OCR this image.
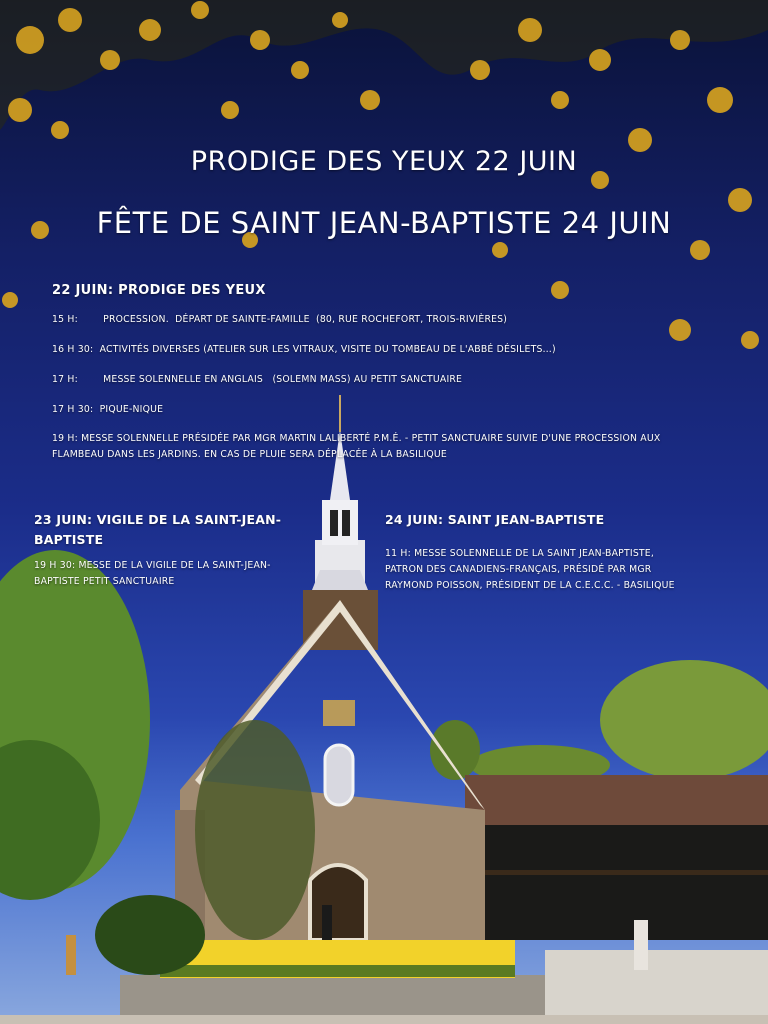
PRODIGE DES YEUX 22 JUIN
FÊTE DE SAINT JEAN-BAPTISTE 24 JUIN
22 JUIN: PRODIGE DES YEUX
15 H:        PROCESSION.  DÉPART DE SAINTE-FAMILLE  (80, RUE ROCHEFORT, TROIS-RIVIÈRES)
16 H 30:  ACTIVITÉS DIVERSES (ATELIER SUR LES VITRAUX, VISITE DU TOMBEAU DE L'ABBÉ DÉSILETS…)
17 H:        MESSE SOLENNELLE EN ANGLAIS   (SOLEMN MASS) AU PETIT SANCTUAIRE
17 H 30:  PIQUE-NIQUE
19 H: MESSE SOLENNELLE PRÉSIDÉE PAR MGR MARTIN LALIBERTÉ P.M.É. - PETIT SANCTUAIRE SUIVIE D'UNE PROCESSION AUX FLAMBEAU DANS LES JARDINS. EN CAS DE PLUIE SERA DÉPLACÉE À LA BASILIQUE
23 JUIN: VIGILE DE LA SAINT-JEAN-BAPTISTE
19 H 30: MESSE DE LA VIGILE DE LA SAINT-JEAN-BAPTISTE PETIT SANCTUAIRE
24 JUIN: SAINT JEAN-BAPTISTE
11 H: MESSE SOLENNELLE DE LA SAINT JEAN-BAPTISTE, PATRON DES CANADIENS-FRANÇAIS, PRÉSIDÉ PAR MGR RAYMOND POISSON, PRÉSIDENT DE LA C.E.C.C. - BASILIQUE
